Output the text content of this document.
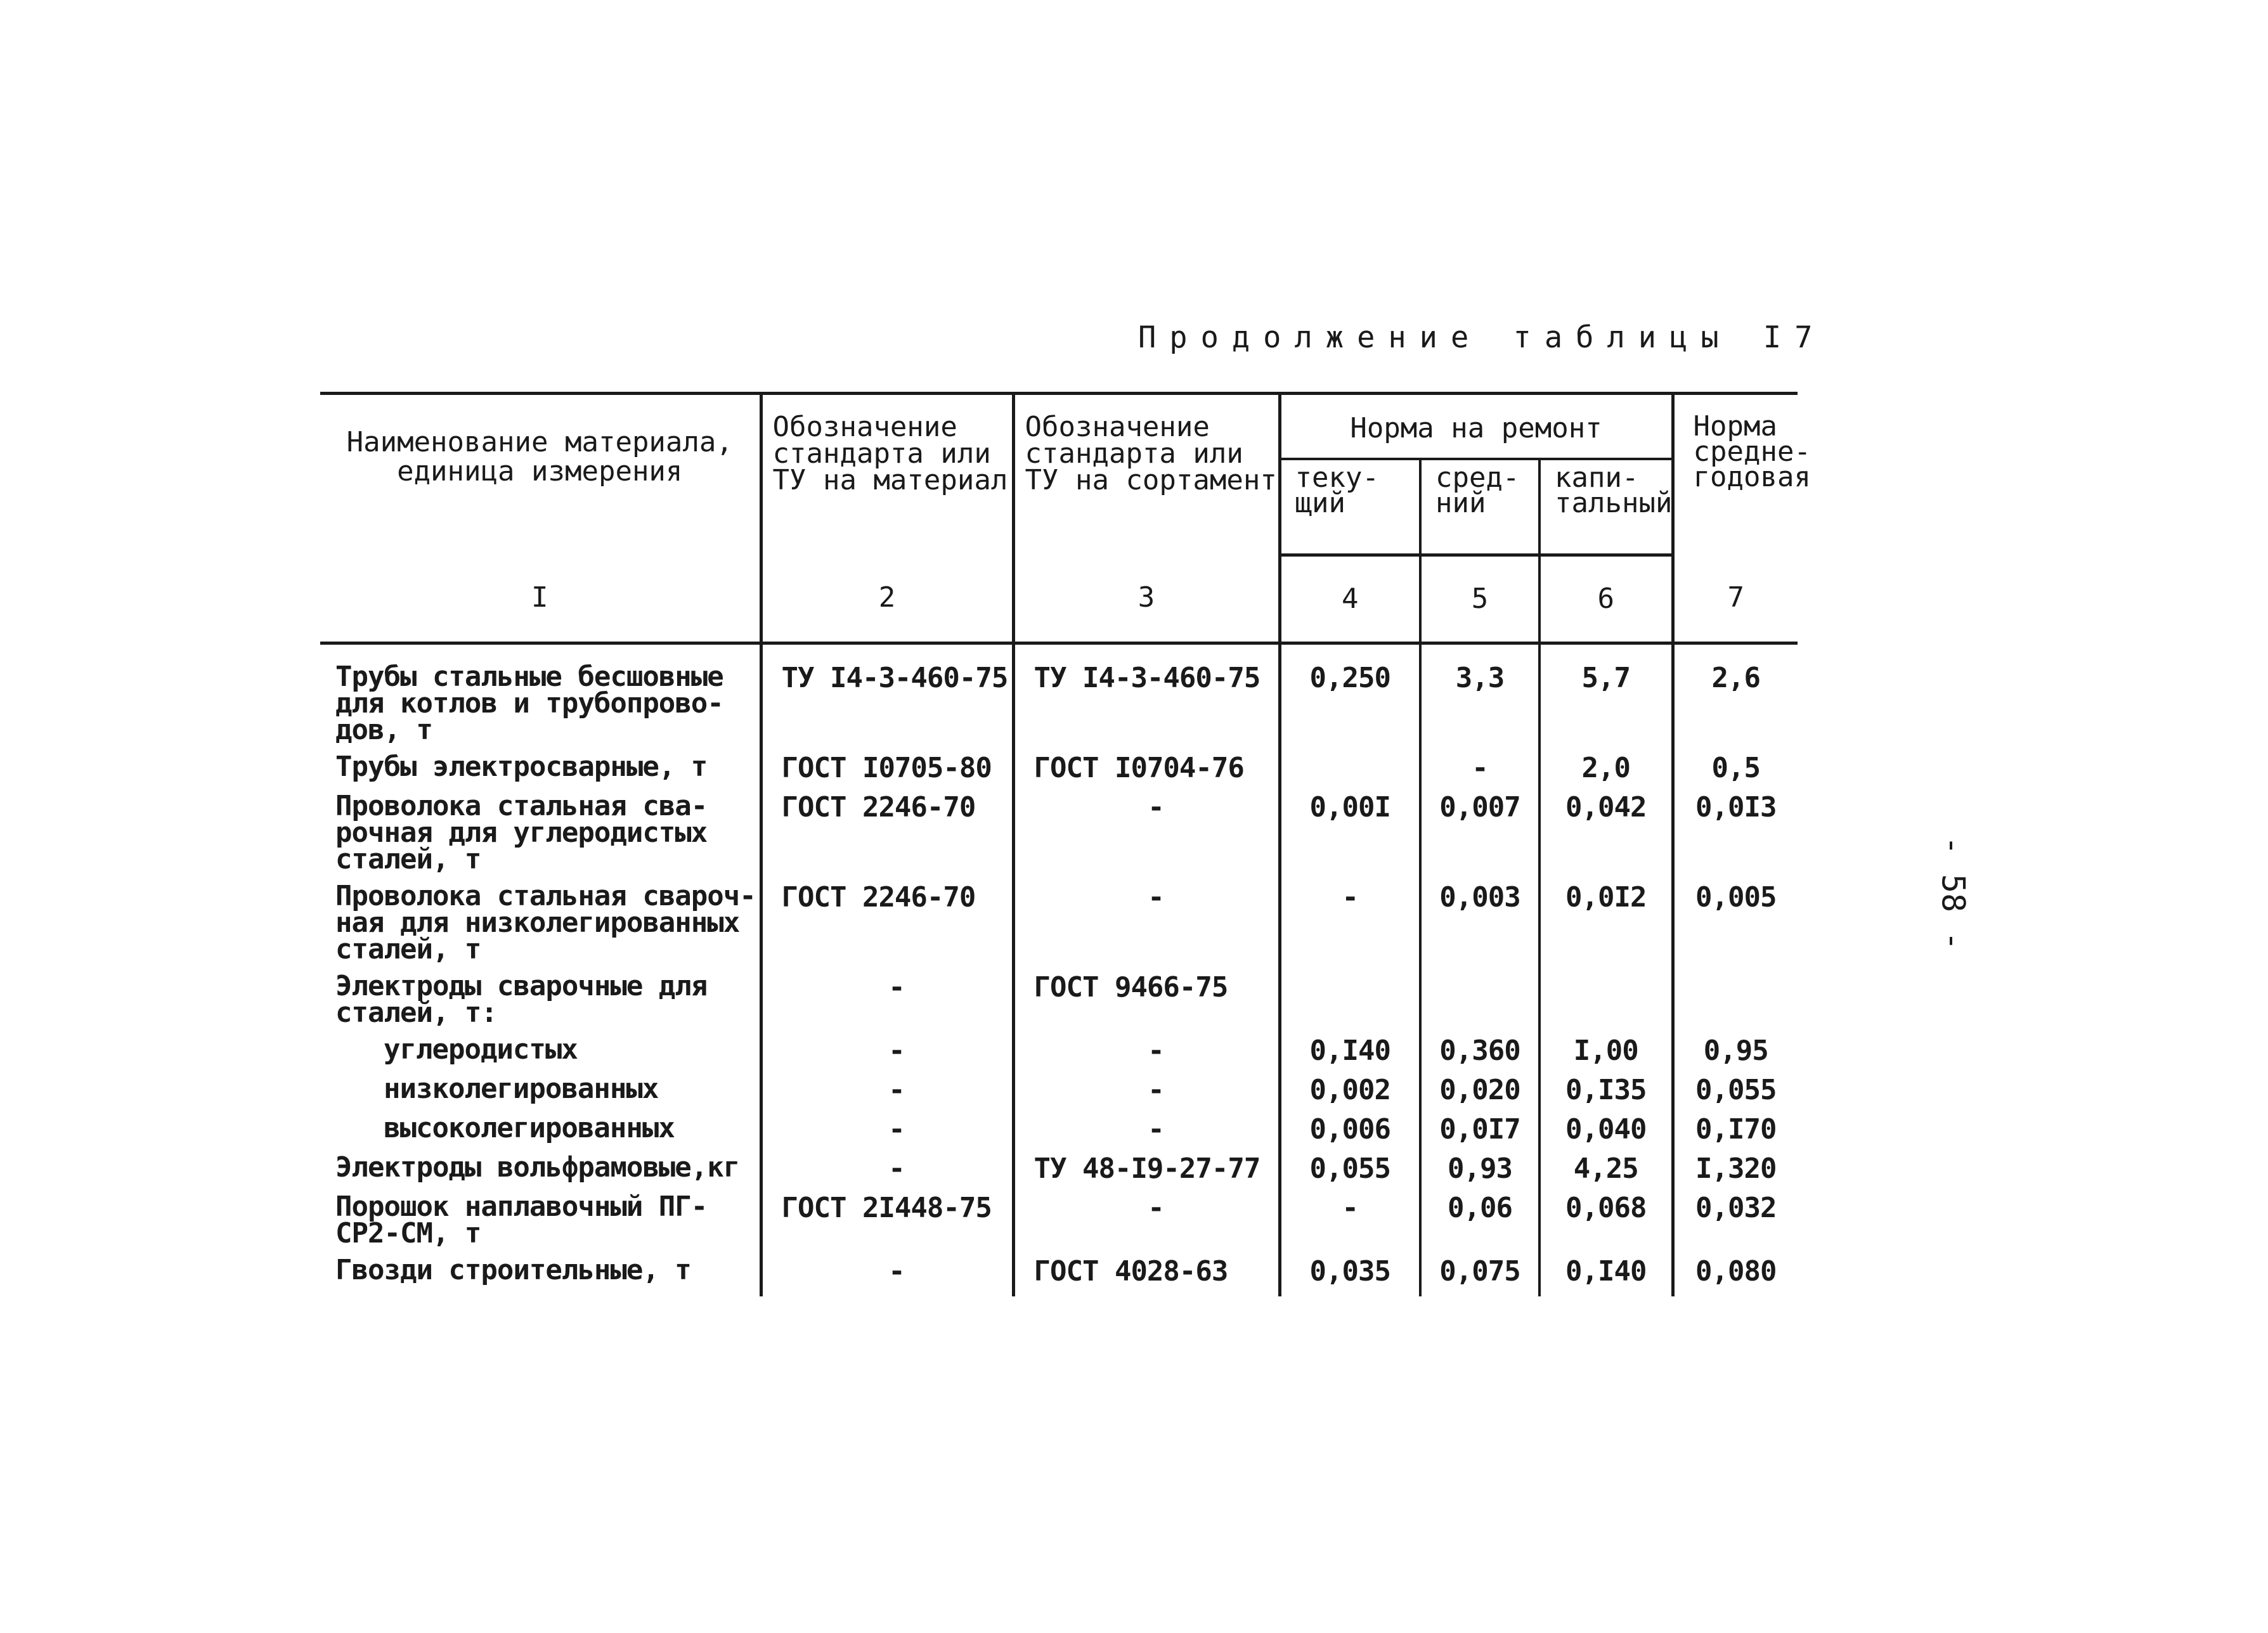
Продолжение таблицы I7
- 58 -
Наименование материала, единица измерения	Обозначение стандарта или ТУ на материал	Обозначение стандарта или ТУ на сортамент	Норма на ремонт			Норма средне-годовая
			теку-щий	сред-ний	капи-тальный	
I	2	3	4	5	6	7
Трубы стальные бесшовные для котлов и трубопрово-дов, т	ТУ I4-3-460-75	ТУ I4-3-460-75	0,250	3,3	5,7	2,6
Трубы электросварные, т	ГОСТ I0705-80	ГОСТ I0704-76		-	2,0	0,5
Проволока стальная сва-рочная для углеродистых сталей, т	ГОСТ 2246-70	-	0,00I	0,007	0,042	0,0I3
Проволока стальная свароч-ная для низколегированных сталей, т	ГОСТ 2246-70	-	-	0,003	0,0I2	0,005
Электроды сварочные для сталей, т:	-	ГОСТ 9466-75				
углеродистых	-	-	0,I40	0,360	I,00	0,95
низколегированных	-	-	0,002	0,020	0,I35	0,055
высоколегированных	-	-	0,006	0,0I7	0,040	0,I70
Электроды вольфрамовые,кг	-	ТУ 48-I9-27-77	0,055	0,93	4,25	I,320
Порошок наплавочный ПГ-СР2-СМ, т	ГОСТ 2I448-75	-	-	0,06	0,068	0,032
Гвозди строительные, т	-	ГОСТ 4028-63	0,035	0,075	0,I40	0,080
